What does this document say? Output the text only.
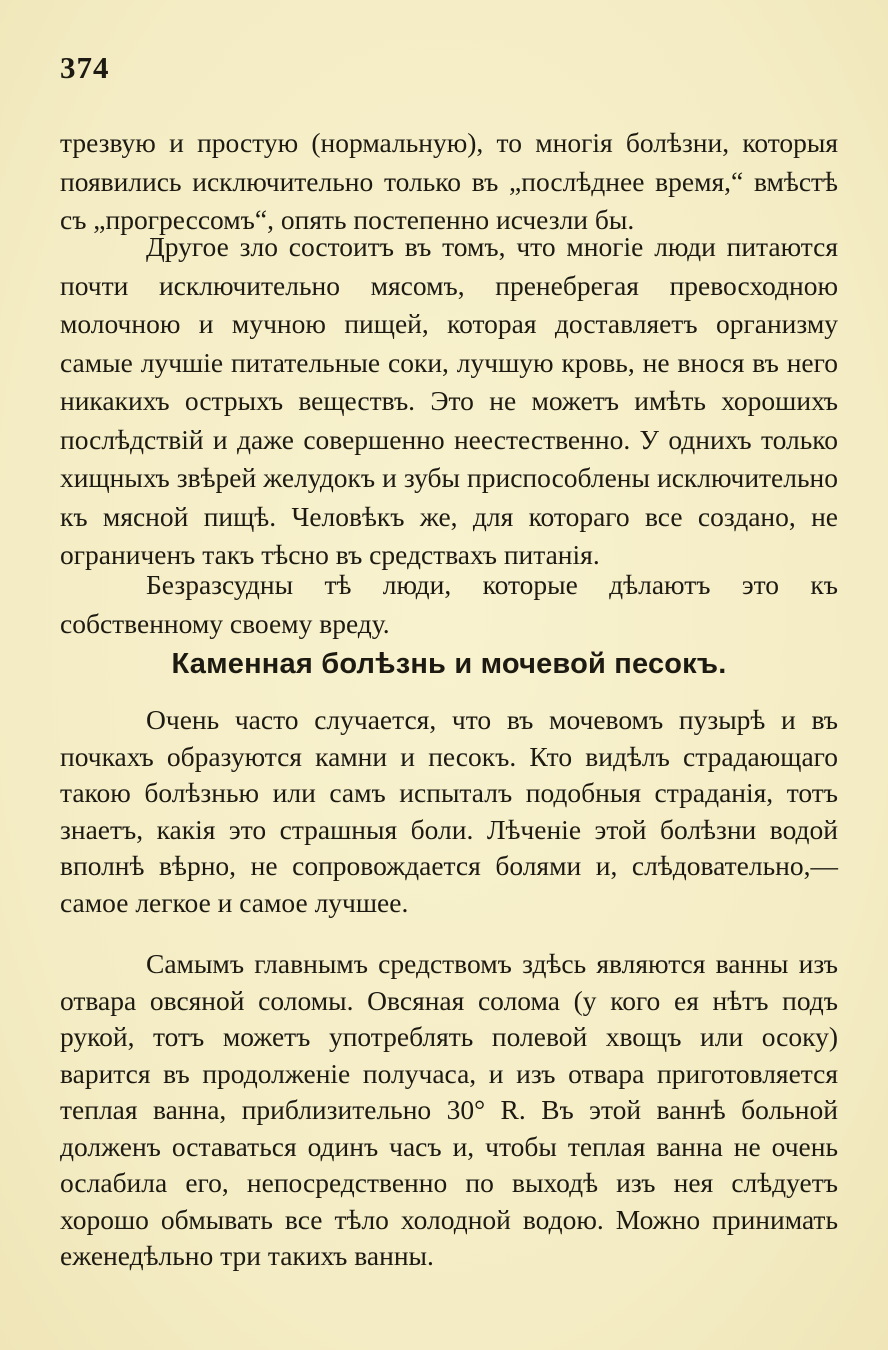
374

трезвую и простую (нормальную), то многія болѣзни, которыя появились исключительно только въ „послѣднее время,“ вмѣстѣ съ „прогрессомъ“, опять постепенно исчезли бы.

Другое зло состоитъ въ томъ, что многіе люди питаются почти исключительно мясомъ, пренебрегая превосходною молочною и мучною пищей, которая доставляетъ организму самые лучшіе питательные соки, лучшую кровь, не внося въ него никакихъ острыхъ веществъ. Это не можетъ имѣть хорошихъ послѣдствій и даже совершенно неестественно. У однихъ только хищныхъ звѣрей желудокъ и зубы приспособлены исключительно къ мясной пищѣ. Человѣкъ же, для котораго все создано, не ограниченъ такъ тѣсно въ средствахъ питанія.

Безразсудны тѣ люди, которые дѣлаютъ это къ собственному своему вреду.

Каменная болѣзнь и мочевой песокъ.

Очень часто случается, что въ мочевомъ пузырѣ и въ почкахъ образуются камни и песокъ. Кто видѣлъ страдающаго такою болѣзнью или самъ испыталъ подобныя страданія, тотъ знаетъ, какія это страшныя боли. Лѣченіе этой болѣзни водой вполнѣ вѣрно, не сопровождается болями и, слѣдовательно,—самое легкое и самое лучшее.

Самымъ главнымъ средствомъ здѣсь являются ванны изъ отвара овсяной соломы. Овсяная солома (у кого ея нѣтъ подъ рукой, тотъ можетъ употреблять полевой хвощъ или осоку) варится въ продолженіе получаса, и изъ отвара приготовляется теплая ванна, приблизительно 30° R. Въ этой ваннѣ больной долженъ оставаться одинъ часъ и, чтобы теплая ванна не очень ослабила его, непосредственно по выходѣ изъ нея слѣдуетъ хорошо обмывать все тѣло холодной водою. Можно принимать еженедѣльно три такихъ ванны.
